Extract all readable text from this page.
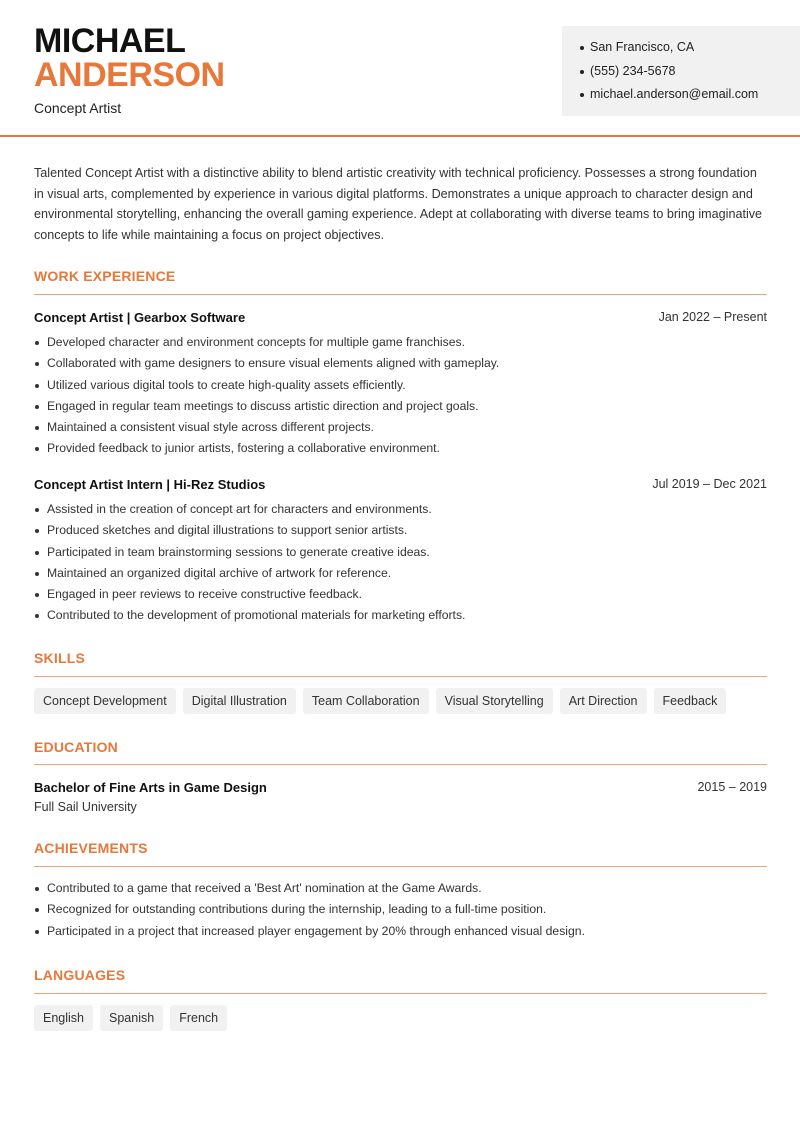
MICHAEL
ANDERSON
Concept Artist
San Francisco, CA
(555) 234-5678
michael.anderson@email.com

Talented Concept Artist with a distinctive ability to blend artistic creativity with technical proficiency. Possesses a strong foundation in visual arts, complemented by experience in various digital platforms. Demonstrates a unique approach to character design and environmental storytelling, enhancing the overall gaming experience. Adept at collaborating with diverse teams to bring imaginative concepts to life while maintaining a focus on project objectives.

WORK EXPERIENCE
Concept Artist | Gearbox Software	Jan 2022 – Present
Developed character and environment concepts for multiple game franchises.
Collaborated with game designers to ensure visual elements aligned with gameplay.
Utilized various digital tools to create high-quality assets efficiently.
Engaged in regular team meetings to discuss artistic direction and project goals.
Maintained a consistent visual style across different projects.
Provided feedback to junior artists, fostering a collaborative environment.
Concept Artist Intern | Hi-Rez Studios	Jul 2019 – Dec 2021
Assisted in the creation of concept art for characters and environments.
Produced sketches and digital illustrations to support senior artists.
Participated in team brainstorming sessions to generate creative ideas.
Maintained an organized digital archive of artwork for reference.
Engaged in peer reviews to receive constructive feedback.
Contributed to the development of promotional materials for marketing efforts.
SKILLS
Concept Development	Digital Illustration	Team Collaboration	Visual Storytelling	Art Direction	Feedback
EDUCATION
Bachelor of Fine Arts in Game Design	2015 – 2019
Full Sail University
ACHIEVEMENTS
Contributed to a game that received a 'Best Art' nomination at the Game Awards.
Recognized for outstanding contributions during the internship, leading to a full-time position.
Participated in a project that increased player engagement by 20% through enhanced visual design.
LANGUAGES
English	Spanish	French
